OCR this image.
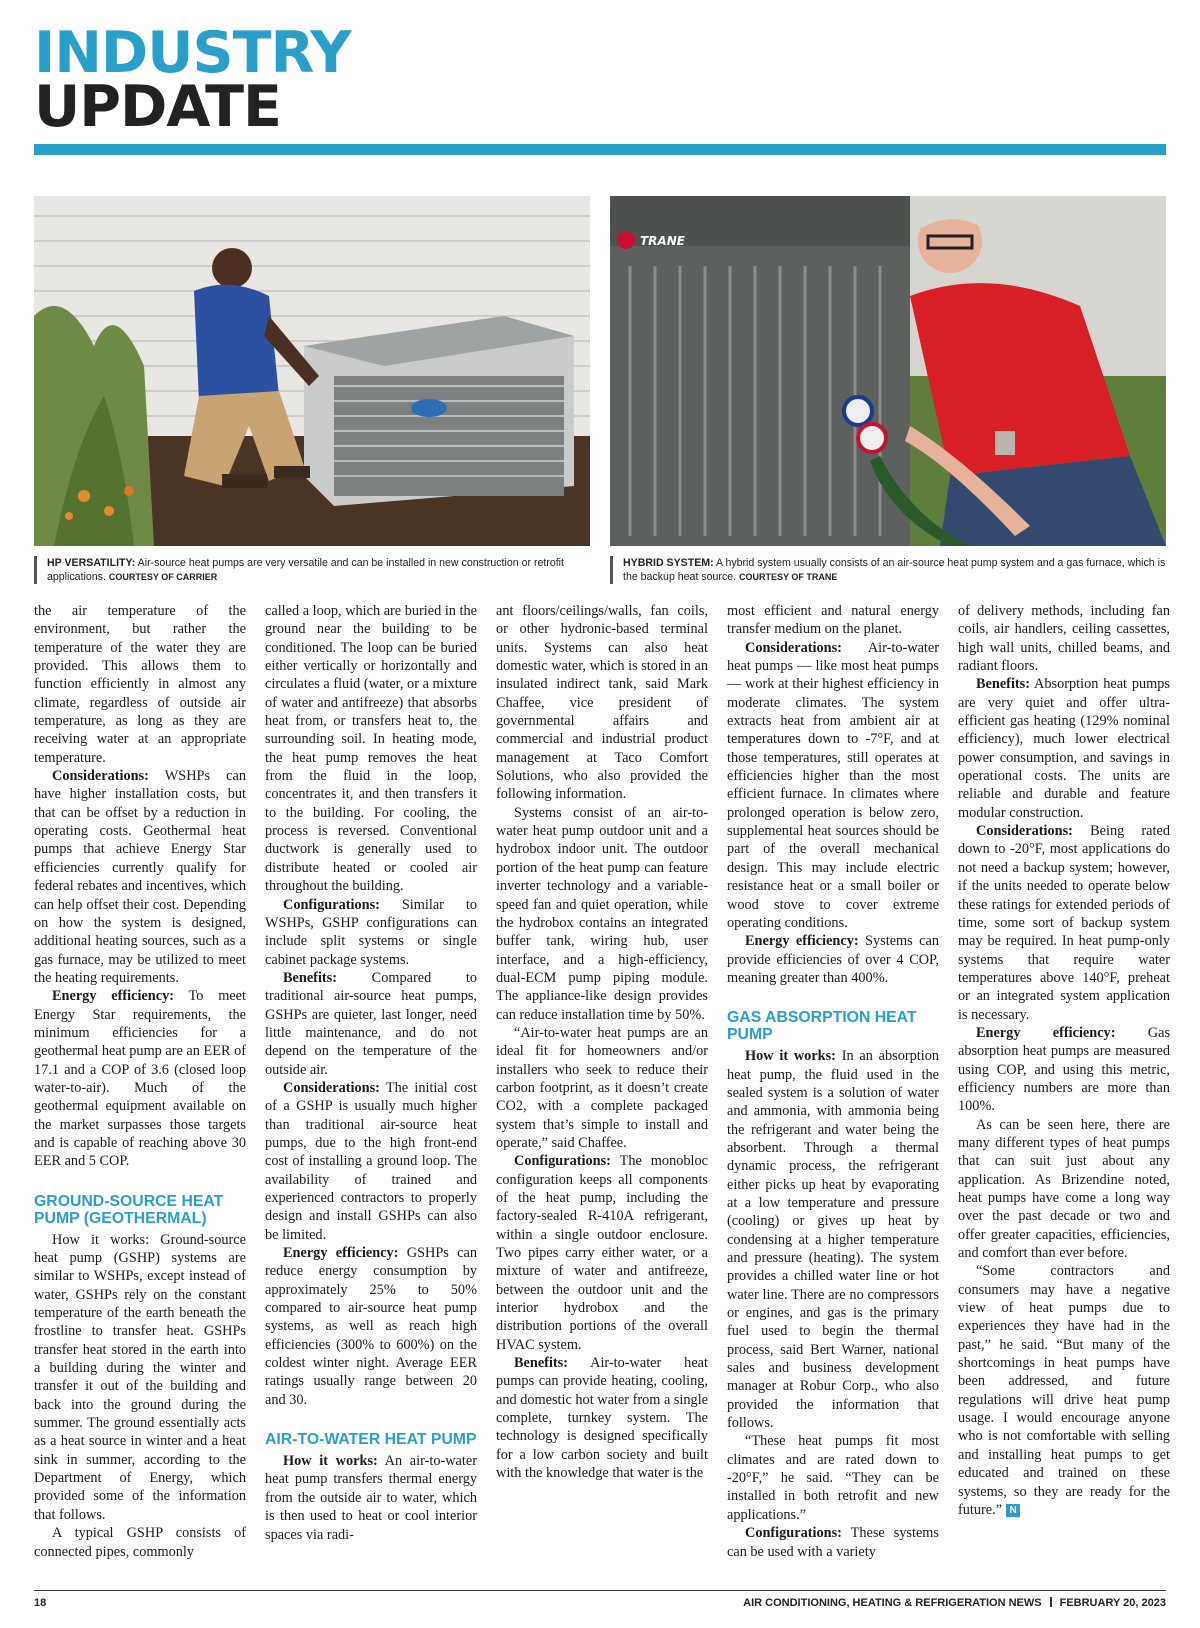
INDUSTRY
UPDATE
TRANE
HP VERSATILITY: Air-source heat pumps are very versatile and can be installed in new construction or retrofit applications. COURTESY OF CARRIER
HYBRID SYSTEM: A hybrid system usually consists of an air-source heat pump system and a gas furnace, which is the backup heat source. COURTESY OF TRANE

the air temperature of the environment, but rather the temperature of the water they are provided. This allows them to function efficiently in almost any climate, regardless of outside air temperature, as long as they are receiving water at an appropriate temperature.

Considerations: WSHPs can have higher installation costs, but that can be offset by a reduction in operating costs. Geothermal heat pumps that achieve Energy Star efficiencies currently qualify for federal rebates and incentives, which can help offset their cost. Depending on how the system is designed, additional heating sources, such as a gas furnace, may be utilized to meet the heating requirements.

Energy efficiency: To meet Energy Star requirements, the minimum efficiencies for a geothermal heat pump are an EER of 17.1 and a COP of 3.6 (closed loop water-to-air). Much of the geothermal equipment available on the market surpasses those targets and is capable of reaching above 30 EER and 5 COP.

GROUND-SOURCE HEAT PUMP (GEOTHERMAL)

How it works: Ground-source heat pump (GSHP) systems are similar to WSHPs, except instead of water, GSHPs rely on the constant temperature of the earth beneath the frostline to transfer heat. GSHPs transfer heat stored in the earth into a building during the winter and transfer it out of the building and back into the ground during the summer. The ground essentially acts as a heat source in winter and a heat sink in summer, according to the Department of Energy, which provided some of the information that follows.

A typical GSHP consists of connected pipes, commonly

called a loop, which are buried in the ground near the building to be conditioned. The loop can be buried either vertically or horizontally and circulates a fluid (water, or a mixture of water and antifreeze) that absorbs heat from, or transfers heat to, the surrounding soil. In heating mode, the heat pump removes the heat from the fluid in the loop, concentrates it, and then transfers it to the building. For cooling, the process is reversed. Conventional ductwork is generally used to distribute heated or cooled air throughout the building.

Configurations: Similar to WSHPs, GSHP configurations can include split systems or single cabinet package systems.

Benefits: Compared to traditional air-source heat pumps, GSHPs are quieter, last longer, need little maintenance, and do not depend on the temperature of the outside air.

Considerations: The initial cost of a GSHP is usually much higher than traditional air-source heat pumps, due to the high front-end cost of installing a ground loop. The availability of trained and experienced contractors to properly design and install GSHPs can also be limited.

Energy efficiency: GSHPs can reduce energy consumption by approximately 25% to 50% compared to air-source heat pump systems, as well as reach high efficiencies (300% to 600%) on the coldest winter night. Average EER ratings usually range between 20 and 30.

AIR-TO-WATER HEAT PUMP

How it works: An air-to-water heat pump transfers thermal energy from the outside air to water, which is then used to heat or cool interior spaces via radi-

ant floors/ceilings/walls, fan coils, or other hydronic-based terminal units. Systems can also heat domestic water, which is stored in an insulated indirect tank, said Mark Chaffee, vice president of governmental affairs and commercial and industrial product management at Taco Comfort Solutions, who also provided the following information.

Systems consist of an air-to-water heat pump outdoor unit and a hydrobox indoor unit. The outdoor portion of the heat pump can feature inverter technology and a variable-speed fan and quiet operation, while the hydrobox contains an integrated buffer tank, wiring hub, user interface, and a high-efficiency, dual-ECM pump piping module. The appliance-like design provides can reduce installation time by 50%.

“Air-to-water heat pumps are an ideal fit for homeowners and/or installers who seek to reduce their carbon footprint, as it doesn’t create CO2, with a complete packaged system that’s simple to install and operate,” said Chaffee.

Configurations: The monobloc configuration keeps all components of the heat pump, including the factory-sealed R-410A refrigerant, within a single outdoor enclosure. Two pipes carry either water, or a mixture of water and antifreeze, between the outdoor unit and the interior hydrobox and the distribution portions of the overall HVAC system.

Benefits: Air-to-water heat pumps can provide heating, cooling, and domestic hot water from a single complete, turnkey system. The technology is designed specifically for a low carbon society and built with the knowledge that water is the

most efficient and natural energy transfer medium on the planet.

Considerations: Air-to-water heat pumps — like most heat pumps — work at their highest efficiency in moderate climates. The system extracts heat from ambient air at temperatures down to -7°F, and at those temperatures, still operates at efficiencies higher than the most efficient furnace. In climates where prolonged operation is below zero, supplemental heat sources should be part of the overall mechanical design. This may include electric resistance heat or a small boiler or wood stove to cover extreme operating conditions.

Energy efficiency: Systems can provide efficiencies of over 4 COP, meaning greater than 400%.

GAS ABSORPTION HEAT PUMP

How it works: In an absorption heat pump, the fluid used in the sealed system is a solution of water and ammonia, with ammonia being the refrigerant and water being the absorbent. Through a thermal dynamic process, the refrigerant either picks up heat by evaporating at a low temperature and pressure (cooling) or gives up heat by condensing at a higher temperature and pressure (heating). The system provides a chilled water line or hot water line. There are no compressors or engines, and gas is the primary fuel used to begin the thermal process, said Bert Warner, national sales and business development manager at Robur Corp., who also provided the information that follows.

“These heat pumps fit most climates and are rated down to -20°F,” he said. “They can be installed in both retrofit and new applications.”

Configurations: These systems can be used with a variety

of delivery methods, including fan coils, air handlers, ceiling cassettes, high wall units, chilled beams, and radiant floors.

Benefits: Absorption heat pumps are very quiet and offer ultra-efficient gas heating (129% nominal efficiency), much lower electrical power consumption, and savings in operational costs. The units are reliable and durable and feature modular construction.

Considerations: Being rated down to -20°F, most applications do not need a backup system; however, if the units needed to operate below these ratings for extended periods of time, some sort of backup system may be required. In heat pump-only systems that require water temperatures above 140°F, preheat or an integrated system application is necessary.

Energy efficiency: Gas absorption heat pumps are measured using COP, and using this metric, efficiency numbers are more than 100%.

As can be seen here, there are many different types of heat pumps that can suit just about any application. As Brizendine noted, heat pumps have come a long way over the past decade or two and offer greater capacities, efficiencies, and comfort than ever before.

“Some contractors and consumers may have a negative view of heat pumps due to experiences they have had in the past,” he said. “But many of the shortcomings in heat pumps have been addressed, and future regulations will drive heat pump usage. I would encourage anyone who is not comfortable with selling and installing heat pumps to get educated and trained on these systems, so they are ready for the future.” N

18	AIR CONDITIONING, HEATING & REFRIGERATION NEWS FEBRUARY 20, 2023
